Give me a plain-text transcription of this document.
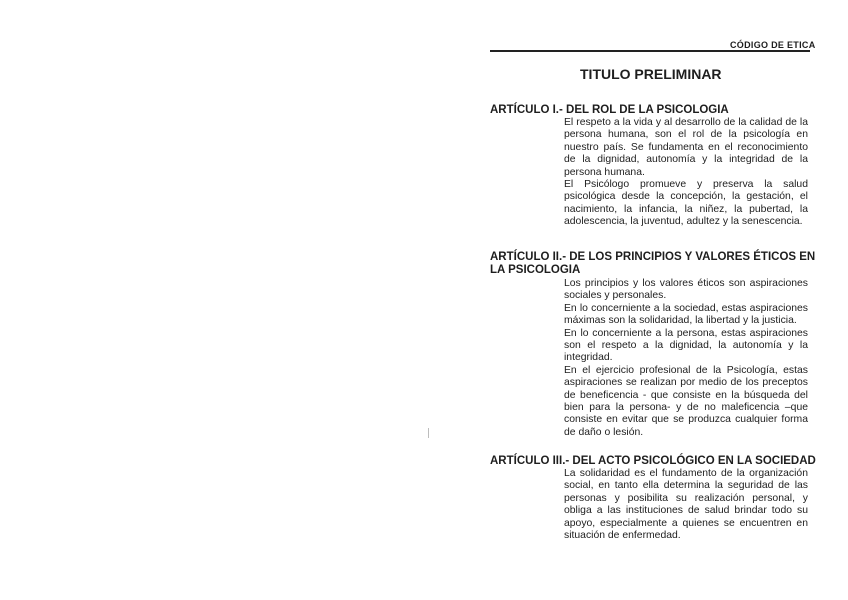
CÓDIGO DE ETICA
TITULO PRELIMINAR
ARTÍCULO I.- DEL ROL DE LA PSICOLOGIA

El respeto a la vida y al desarrollo de la calidad de la persona humana, son el rol de la psicología en nuestro país. Se fundamenta en el reconocimiento de la dignidad, autonomía y la integridad de la persona humana.

El Psicólogo promueve y preserva la salud psicológica desde la concepción, la gestación, el nacimiento, la infancia, la niñez, la pubertad, la adolescencia, la juventud, adultez y la senescencia.

ARTÍCULO II.- DE LOS PRINCIPIOS Y VALORES ÉTICOS EN
LA PSICOLOGIA

Los principios y los valores éticos son aspiraciones sociales y personales.

En lo concerniente a la sociedad, estas aspiraciones máximas son la solidaridad, la libertad y la justicia.

En lo concerniente a la persona, estas aspiraciones son el respeto a la dignidad, la autonomía y la integridad.

En el ejercicio profesional de la Psicología, estas aspiraciones se realizan por medio de los preceptos de beneficencia - que consiste en la búsqueda del bien para la persona- y de no maleficencia –que consiste en evitar que se produzca cualquier forma de daño o lesión.

ARTÍCULO III.- DEL ACTO PSICOLÓGICO EN LA SOCIEDAD

La solidaridad es el fundamento de la organización social, en tanto ella determina la seguridad de las personas y posibilita su realización personal, y obliga a las instituciones de salud brindar todo su apoyo, especialmente a quienes se encuentren en situación de enfermedad.
